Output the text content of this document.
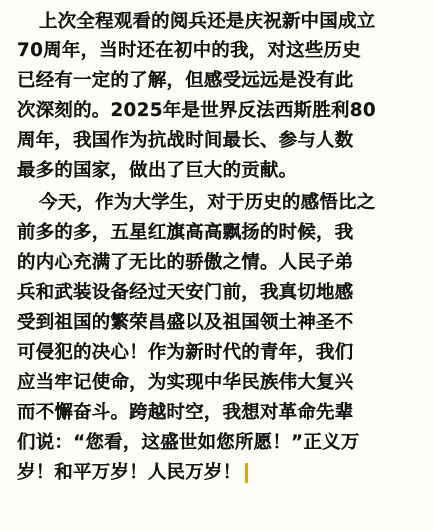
上次全程观看的阅兵还是庆祝新中国成立
70周年，当时还在初中的我，对这些历史
已经有一定的了解，但感受远远是没有此
次深刻的。2025年是世界反法西斯胜利80
周年，我国作为抗战时间最长、参与人数
最多的国家，做出了巨大的贡献。
今天，作为大学生，对于历史的感悟比之
前多的多，五星红旗高高飘扬的时候，我
的内心充满了无比的骄傲之情。人民子弟
兵和武装设备经过天安门前，我真切地感
受到祖国的繁荣昌盛以及祖国领土神圣不
可侵犯的决心！作为新时代的青年，我们
应当牢记使命，为实现中华民族伟大复兴
而不懈奋斗。跨越时空，我想对革命先辈
们说：“您看，这盛世如您所愿！”正义万
岁！和平万岁！人民万岁！
